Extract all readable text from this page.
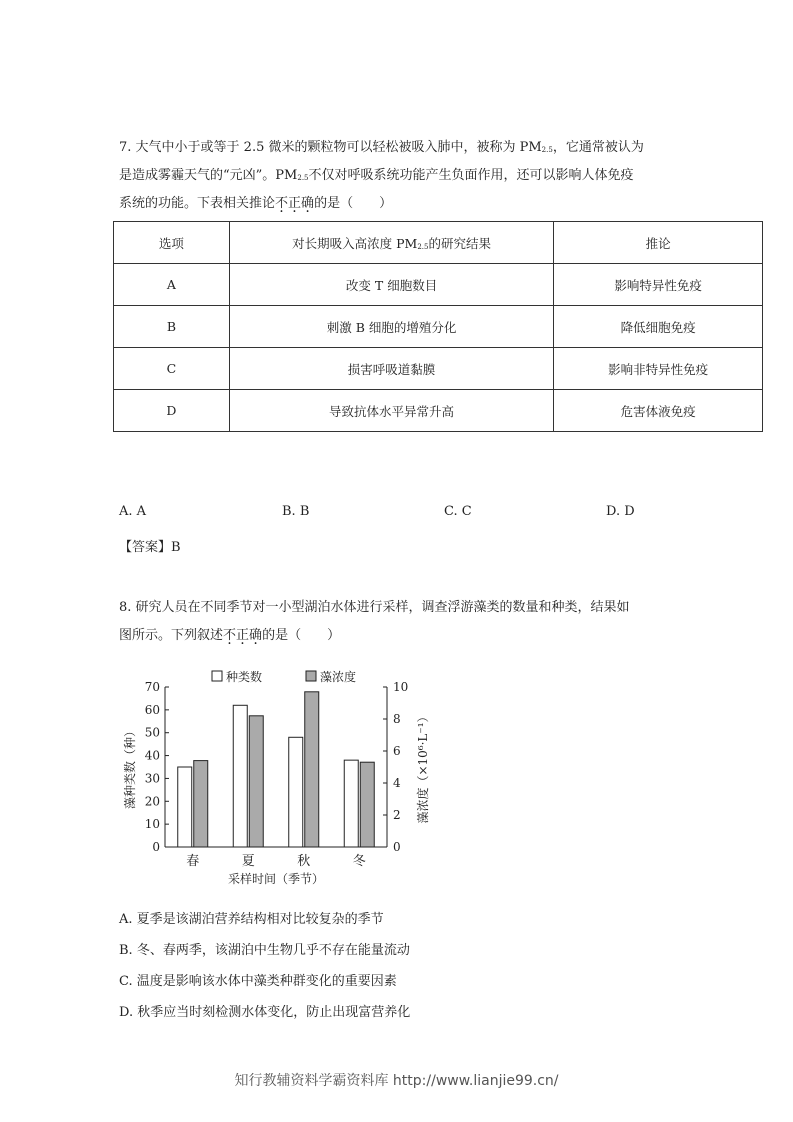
7. 大气中小于或等于 2.5 微米的颗粒物可以轻松被吸入肺中，被称为 $PM_{2.5}$，它通常被认为
是造成雾霾天气的“元凶”。$PM_{2.5}$不仅对呼吸系统功能产生负面作用，还可以影响人体免疫
系统的功能。下表相关推论不正确的是（　　）
选项	对长期吸入高浓度 $PM_{2.5}$的研究结果	推论
A	改变 T 细胞数目	影响特异性免疫
B	刺激 B 细胞的增殖分化	降低细胞免疫
C	损害呼吸道黏膜	影响非特异性免疫
D	导致抗体水平异常升高	危害体液免疫
A. A	B. B	C. C	D. D
【答案】B
8. 研究人员在不同季节对一小型湖泊水体进行采样，调查浮游藻类的数量和种类，结果如
图所示。下列叙述不正确的是（　　）
0
10
20
30
40
50
60
70
0
2
4
6
8
10
春	夏	秋	冬
采样时间（季节）
藻种类数（种）	藻浓度（×10⁶·L⁻¹）
种类数	藻浓度
A. 夏季是该湖泊营养结构相对比较复杂的季节
B. 冬、春两季，该湖泊中生物几乎不存在能量流动
C. 温度是影响该水体中藻类种群变化的重要因素
D. 秋季应当时刻检测水体变化，防止出现富营养化
知行教辅资料学霸资料库 http://www.lianjie99.cn/
